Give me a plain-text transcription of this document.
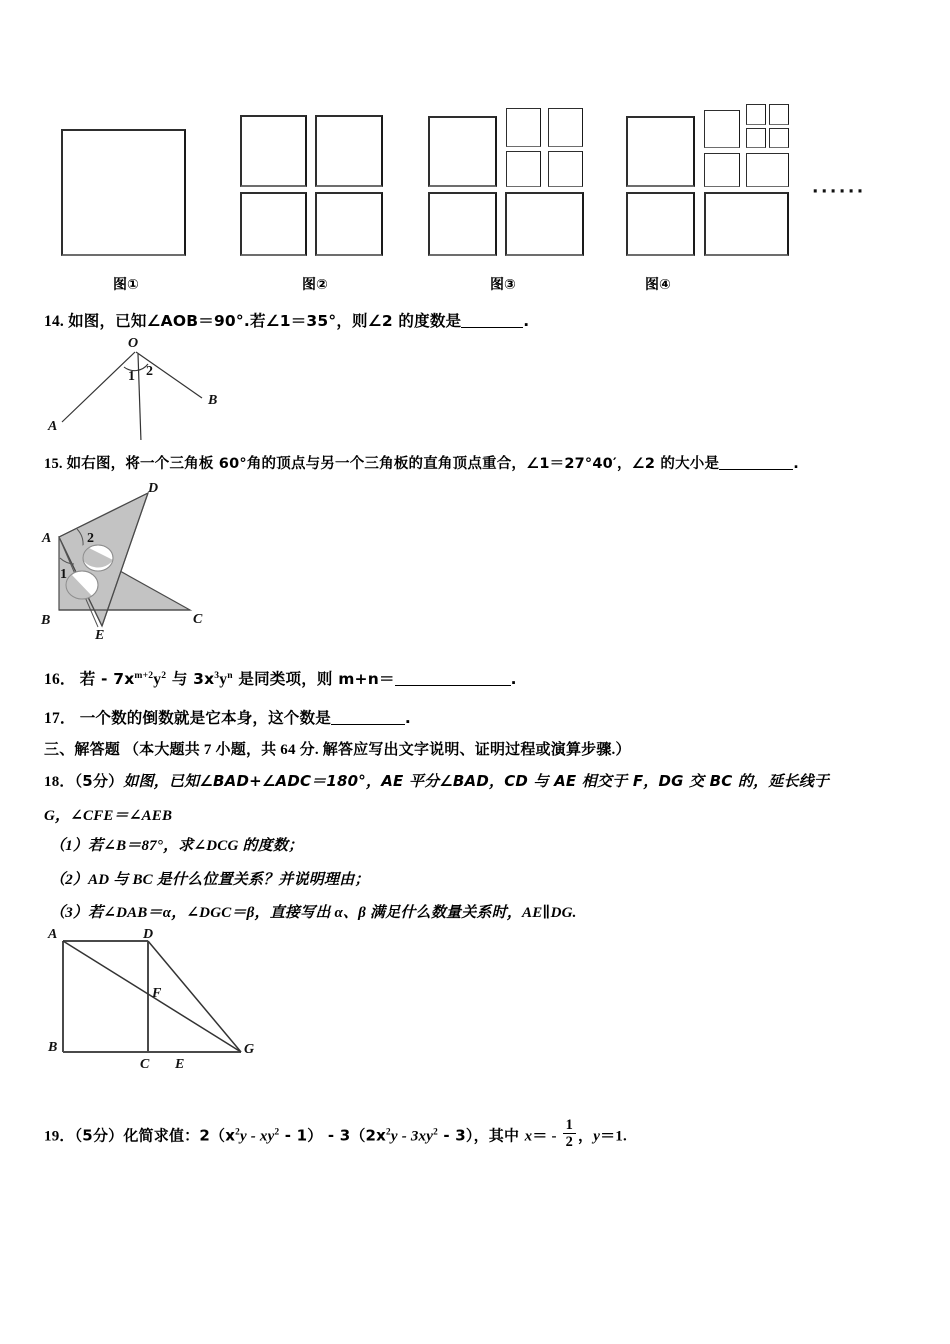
······
图①	图②	图③	图④
14. 如图，已知∠AOB＝90°.若∠1＝35°，则∠2 的度数是	.
O
A
B
1 2
15. 如右图，将一个三角板 60°角的顶点与另一个三角板的直角顶点重合，∠1＝27°40′，∠2 的大小是	.
A
B	C
D
E
2
1
16． 若 - $7x^{m+2}y^2$ 与 $3x^3y^n$ 是同类项，则 m+n＝	.
17． 一个数的倒数就是它本身，这个数是	.
三、解答题 （本大题共 7 小题，共 64 分. 解答应写出文字说明、证明过程或演算步骤.）
18．（5分）如图，已知∠BAD+∠ADC＝180°，AE 平分∠BAD，CD 与 AE 相交于 F，DG 交 BC 的，延长线于
G，∠CFE＝∠AEB
（1）若∠B＝87°，求∠DCG 的度数；
（2）AD 与 BC 是什么位置关系？并说明理由；
（3）若∠DAB＝α，∠DGC＝β，直接写出 α、β 满足什么数量关系时，AE∥DG.
A
B
C
D
E
F
G
19．（5分）化简求值：$2(x^2y - xy^2 - 1) - 3(2x^2y - 3xy^2 - 3)$，其中 $x= - \frac{1}{2}$ ，y＝1.
